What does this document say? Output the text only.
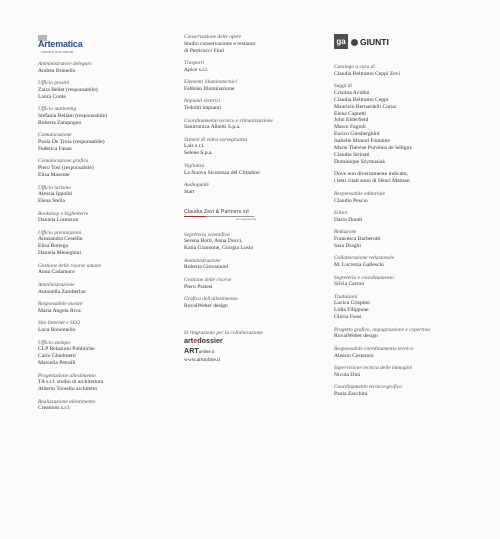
Artematica
cultural & beni culturali
Amministratore delegato
Andrea Brunello
Ufficio prestiti
Zaira Bellet (responsabile)
Laura Conte
Ufficio marketing
Stefania Bellani (responsabile)
Roberta Zampogno
Comunicazione
Paola De Troia (responsabile)
Federica Fasan
Comunicazione grafica
Piero Tosi (responsabile)
Elisa Masente
Ufficio turismo
Alessia Ippoliti
Elena Stella
Bookshop e biglietterie
Daniela Lorenzon
Ufficio prenotazioni
Alessandra Cesellin
Elisa Bottega
Daniela Meneghini
Gestione delle risorse umane
Anna Cadamuro
Amministrazione
Antonella Zamberlan
Responsabile mostre
Maria Angela Riva
Sito Internet e SEO
Luca Bonomello
Ufficio stampa
CLP Relazioni Pubbliche
Carlo Ghielmetti
Marcella Petralli
Progettazione allestimento
TA s.r.l. studio di architettura
Alberto Torsello architetto
Realizzazione allestimento
Creations s.r.l.
Conservazione delle opere
Studio conservazione e restauro
di Perticucci Fiori
Trasporti
Apice s.r.l.
Elementi illuminotecnici
Fabbian Illuminazione
Impianti elettrici
Tedoldi impianti
Coordinamento tecnico e climatizzazione
Sanitronica Alberti S.p.a.
Sistemi di video sorveglianza
Lais s.r.l.
Selene S.p.a.
Vigilanza
La Nuova Sicurezza del Cittadino
Audioguide
Start
Claudia Zevi & Partners srl
art engineering
Segreteria scientifica
Serena Botti, Anna Ducci,
Katia Giannone, Giorgia Losio
Amministrazione
Roberta Giovannini
Gestione delle risorse
Piero Pratesi
Grafica dell'allestimento
RovaiWeber design
Si ringraziano per la collaborazione
artedossier
ARTonline.it
www.artonline.it
ga	GIUNTI
Catalogo a cura di
Claudia Beltramo Ceppi Zevi
Saggi di
Cristina Acidini
Claudia Beltramo Ceppi
Maurizio Bernardelli Curuz
Elena Capretti
John Elderfield
Marco Fagioli
Enrico Ginsberghini
Isabelle Monod Fontaine
Marie Thérèse Pulvénis de Séligny
Claudio Strinati
Dominique Szymusiak
Dove non diversamente indicato,
i testi citati sono di Henri Matisse.
Responsabile editoriale
Claudio Pescio
Editor
Dario Dondi
Redazione
Francesca Barberotti
Sara Draghi
Collaborazione redazionale
M. Lucrezia Galleschi
Segreteria e coordinamento
Silvia Carron
Traduzioni
Lucica Crispino
Lidia Filippone
Gloria Fossi
Progetto grafico, impaginazione e copertina
RovaiWeber design
Responsabile coordinamento tecnico
Alessio Cestaroni
Supervisione tecnica delle immagini
Nicola Dini
Coordinamento tecnico-grafico
Paola Zacchini
